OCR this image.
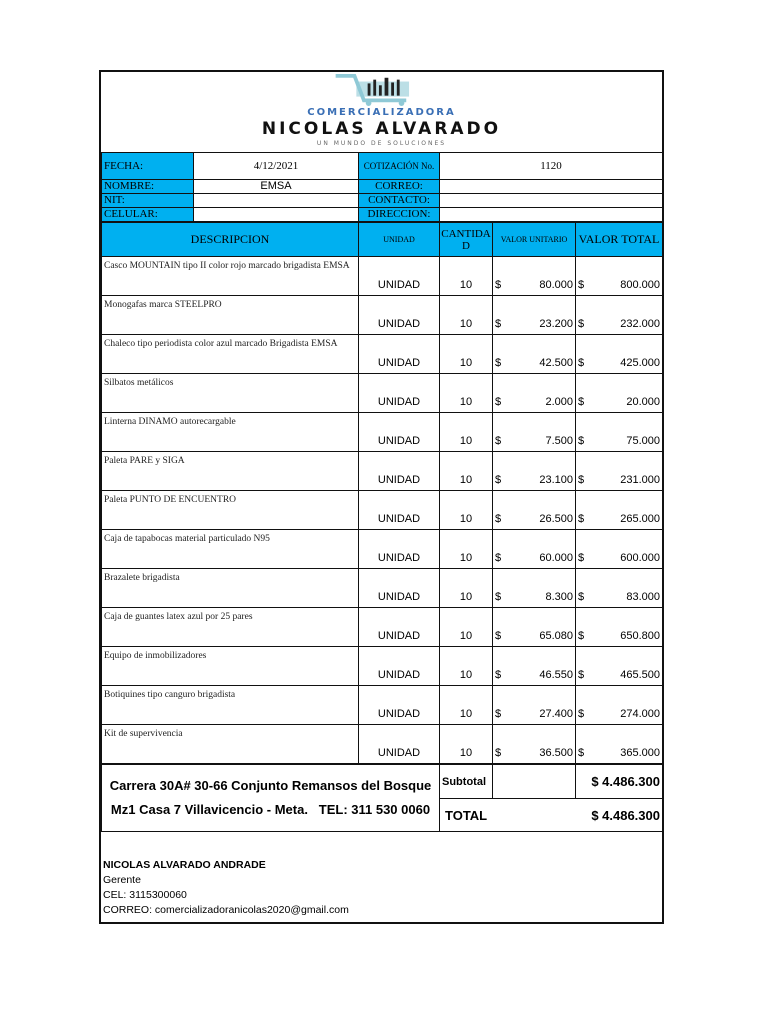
COMERCIALIZADORA
NICOLAS ALVARADO
UN MUNDO DE SOLUCIONES
FECHA:	4/12/2021	COTIZACIÓN No.	1120
NOMBRE:	EMSA	CORREO:	
NIT:		CONTACTO:	
CELULAR:		DIRECCION:	
DESCRIPCION	UNIDAD	CANTIDAD	VALOR UNITARIO	VALOR TOTAL
Casco MOUNTAIN tipo II color rojo marcado brigadista EMSA	UNIDAD	10	$ 80.000	$ 800.000

Monogafas marca STEELPRO	UNIDAD	10	$ 23.200	$ 232.000

Chaleco tipo periodista color azul marcado Brigadista EMSA	UNIDAD	10	$ 42.500	$ 425.000

Silbatos metálicos	UNIDAD	10	$ 2.000	$ 20.000

Linterna DINAMO autorecargable	UNIDAD	10	$ 7.500	$ 75.000

Paleta PARE y SIGA	UNIDAD	10	$ 23.100	$ 231.000

Paleta PUNTO DE ENCUENTRO	UNIDAD	10	$ 26.500	$ 265.000

Caja de tapabocas material particulado N95	UNIDAD	10	$ 60.000	$ 600.000

Brazalete brigadista	UNIDAD	10	$ 8.300	$ 83.000

Caja de guantes latex azul por 25 pares	UNIDAD	10	$ 65.080	$ 650.800

Equipo de inmobilizadores	UNIDAD	10	$ 46.550	$ 465.500

Botiquines tipo canguro brigadista	UNIDAD	10	$ 27.400	$ 274.000

Kit de supervivencia	UNIDAD	10	$ 36.500	$ 365.000
Carrera 30A# 30-66 Conjunto Remansos del Bosque
Mz1 Casa 7 Villavicencio - Meta.   TEL: 311 530 0060	Subtotal		$ 4.486.300
	TOTAL		$ 4.486.300
NICOLAS ALVARADO ANDRADE
Gerente
CEL: 3115300060
CORREO: comercializadoranicolas2020@gmail.com
